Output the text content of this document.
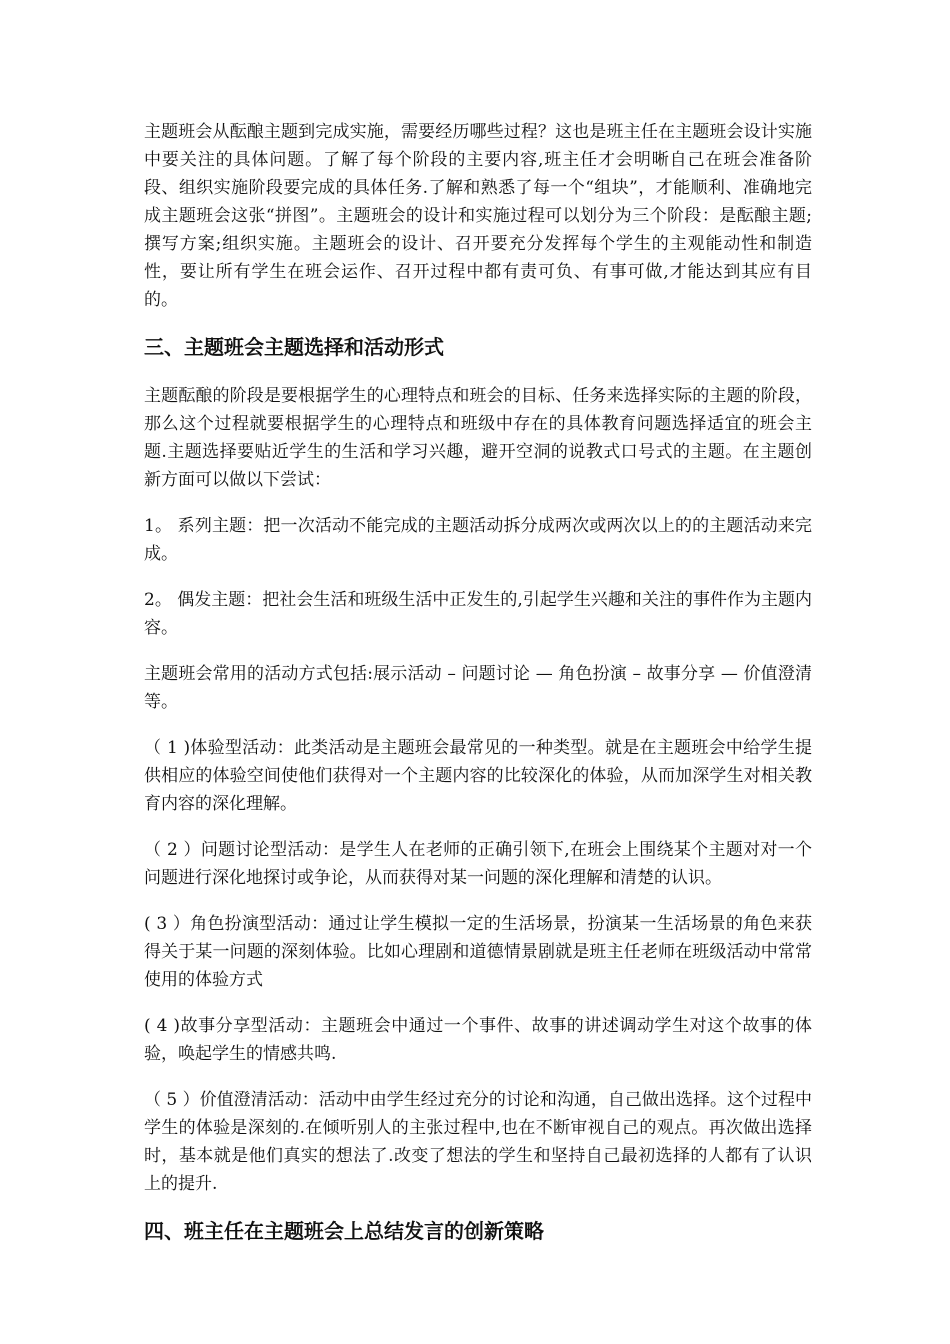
主题班会从酝酿主题到完成实施，需要经历哪些过程？这也是班主任在主题班会设计实施中要关注的具体问题。了解了每个阶段的主要内容,班主任才会明晰自己在班会准备阶段、组织实施阶段要完成的具体任务.了解和熟悉了每一个“组块”，才能顺利、准确地完成主题班会这张“拼图”。主题班会的设计和实施过程可以划分为三个阶段：是酝酿主题;撰写方案;组织实施。主题班会的设计、召开要充分发挥每个学生的主观能动性和制造性，要让所有学生在班会运作、召开过程中都有责可负、有事可做,才能达到其应有目的。

三、主题班会主题选择和活动形式

主题酝酿的阶段是要根据学生的心理特点和班会的目标、任务来选择实际的主题的阶段，那么这个过程就要根据学生的心理特点和班级中存在的具体教育问题选择适宜的班会主题.主题选择要贴近学生的生活和学习兴趣，避开空洞的说教式口号式的主题。在主题创新方面可以做以下尝试：

1。 系列主题：把一次活动不能完成的主题活动拆分成两次或两次以上的的主题活动来完成。

2。 偶发主题：把社会生活和班级生活中正发生的,引起学生兴趣和关注的事件作为主题内容。

主题班会常用的活动方式包括:展示活动 – 问题讨论 — 角色扮演 – 故事分享 — 价值澄清等。

（ 1 )体验型活动：此类活动是主题班会最常见的一种类型。就是在主题班会中给学生提供相应的体验空间使他们获得对一个主题内容的比较深化的体验，从而加深学生对相关教育内容的深化理解。

（ 2 ）问题讨论型活动：是学生人在老师的正确引领下,在班会上围绕某个主题对对一个问题进行深化地探讨或争论，从而获得对某一问题的深化理解和清楚的认识。

( 3 ）角色扮演型活动：通过让学生模拟一定的生活场景，扮演某一生活场景的角色来获得关于某一问题的深刻体验。比如心理剧和道德情景剧就是班主任老师在班级活动中常常使用的体验方式

( 4 )故事分享型活动：主题班会中通过一个事件、故事的讲述调动学生对这个故事的体验，唤起学生的情感共鸣.

（ 5 ）价值澄清活动：活动中由学生经过充分的讨论和沟通，自己做出选择。这个过程中学生的体验是深刻的.在倾听别人的主张过程中,也在不断审视自己的观点。再次做出选择时，基本就是他们真实的想法了.改变了想法的学生和坚持自己最初选择的人都有了认识上的提升.

四、班主任在主题班会上总结发言的创新策略
